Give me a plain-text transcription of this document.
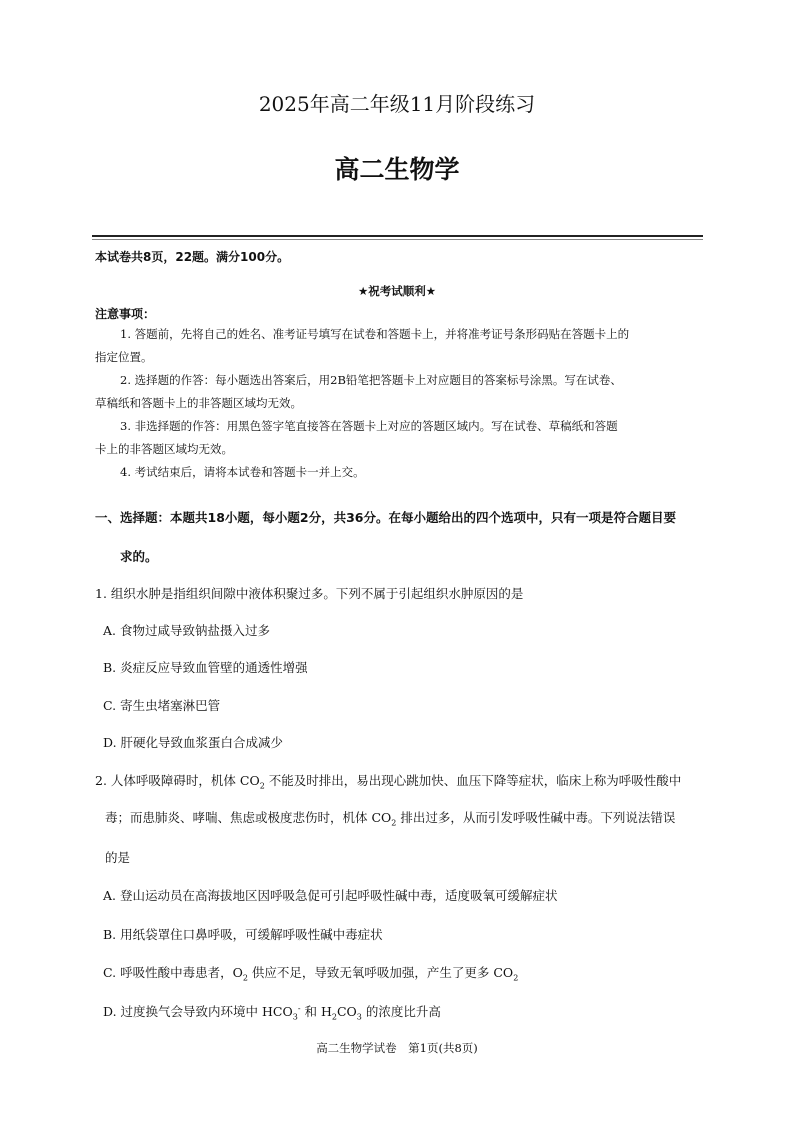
2025年高二年级11月阶段练习
高二生物学
本试卷共8页，22题。满分100分。
★祝考试顺利★
注意事项：
1. 答题前，先将自己的姓名、准考证号填写在试卷和答题卡上，并将准考证号条形码贴在答题卡上的
指定位置。
2. 选择题的作答：每小题选出答案后，用2B铅笔把答题卡上对应题目的答案标号涂黑。写在试卷、
草稿纸和答题卡上的非答题区域均无效。
3. 非选择题的作答：用黑色签字笔直接答在答题卡上对应的答题区域内。写在试卷、草稿纸和答题
卡上的非答题区域均无效。
4. 考试结束后，请将本试卷和答题卡一并上交。
一、选择题：本题共18小题，每小题2分，共36分。在每小题给出的四个选项中，只有一项是符合题目要
求的。
1. 组织水肿是指组织间隙中液体积聚过多。下列不属于引起组织水肿原因的是
A. 食物过咸导致钠盐摄入过多
B. 炎症反应导致血管壁的通透性增强
C. 寄生虫堵塞淋巴管
D. 肝硬化导致血浆蛋白合成减少
2. 人体呼吸障碍时，机体 $CO_2$ 不能及时排出，易出现心跳加快、血压下降等症状，临床上称为呼吸性酸中
毒；而患肺炎、哮喘、焦虑或极度悲伤时，机体 $CO_2$ 排出过多，从而引发呼吸性碱中毒。下列说法错误
的是
A. 登山运动员在高海拔地区因呼吸急促可引起呼吸性碱中毒，适度吸氧可缓解症状
B. 用纸袋罩住口鼻呼吸，可缓解呼吸性碱中毒症状
C. 呼吸性酸中毒患者，$O_2$ 供应不足，导致无氧呼吸加强，产生了更多 $CO_2$
D. 过度换气会导致内环境中 $HCO_3^-$ 和 $H_2CO_3$ 的浓度比升高
高二生物学试卷　第1页(共8页)
